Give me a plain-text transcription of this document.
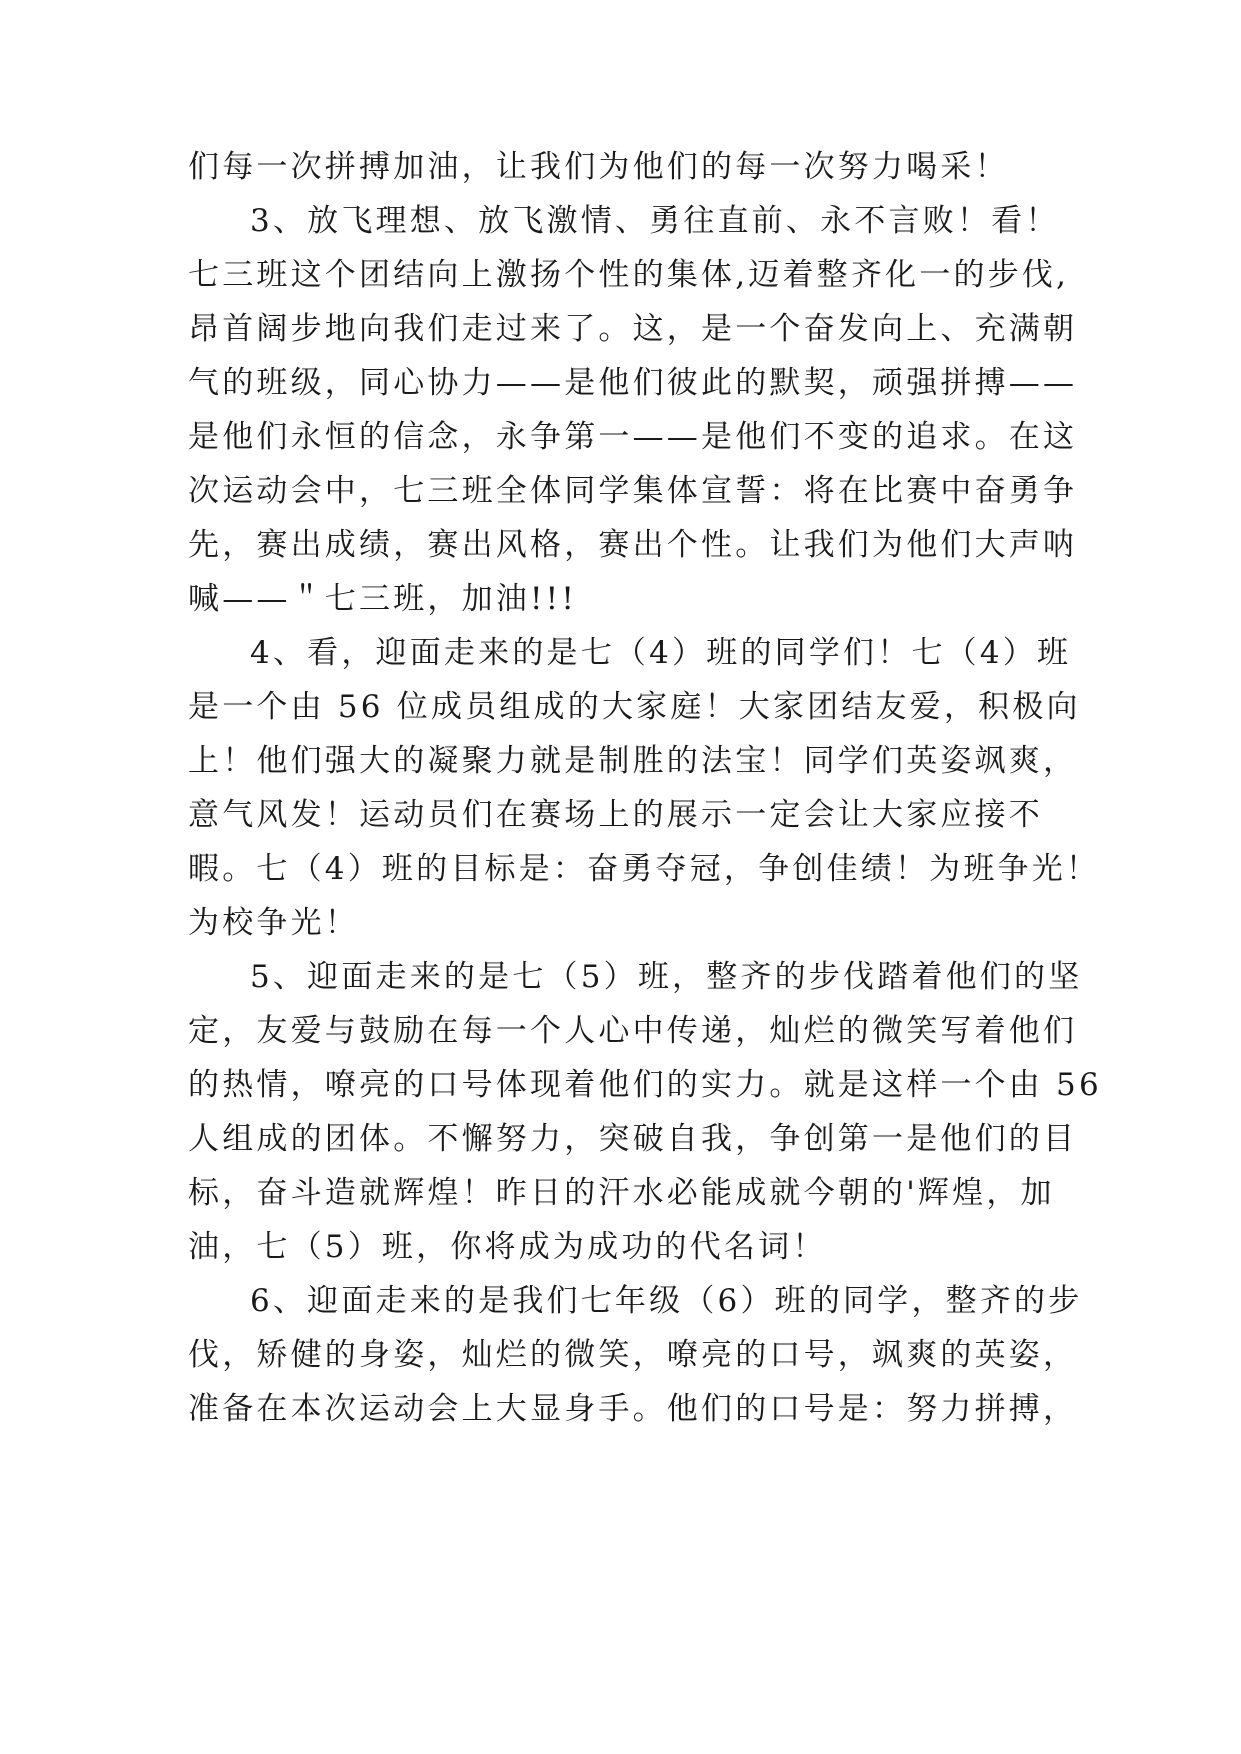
们每一次拼搏加油，让我们为他们的每一次努力喝采！
3、放飞理想、放飞激情、勇往直前、永不言败！看！
七三班这个团结向上激扬个性的集体,迈着整齐化一的步伐,
昂首阔步地向我们走过来了。这，是一个奋发向上、充满朝
气的班级，同心协力——是他们彼此的默契，顽强拼搏——
是他们永恒的信念，永争第一——是他们不变的追求。在这
次运动会中，七三班全体同学集体宣誓：将在比赛中奋勇争
先，赛出成绩，赛出风格，赛出个性。让我们为他们大声呐
喊——＂七三班，加油!!!
4、看，迎面走来的是七（4）班的同学们！七（4）班
是一个由 56 位成员组成的大家庭！大家团结友爱，积极向
上！他们强大的凝聚力就是制胜的法宝！同学们英姿飒爽，
意气风发！运动员们在赛场上的展示一定会让大家应接不
暇。七（4）班的目标是：奋勇夺冠，争创佳绩！为班争光！
为校争光！
5、迎面走来的是七（5）班，整齐的步伐踏着他们的坚
定，友爱与鼓励在每一个人心中传递，灿烂的微笑写着他们
的热情，嘹亮的口号体现着他们的实力。就是这样一个由 56
人组成的团体。不懈努力，突破自我，争创第一是他们的目
标，奋斗造就辉煌！昨日的汗水必能成就今朝的'辉煌，加
油，七（5）班，你将成为成功的代名词！
6、迎面走来的是我们七年级（6）班的同学，整齐的步
伐，矫健的身姿，灿烂的微笑，嘹亮的口号，飒爽的英姿，
准备在本次运动会上大显身手。他们的口号是：努力拼搏，
